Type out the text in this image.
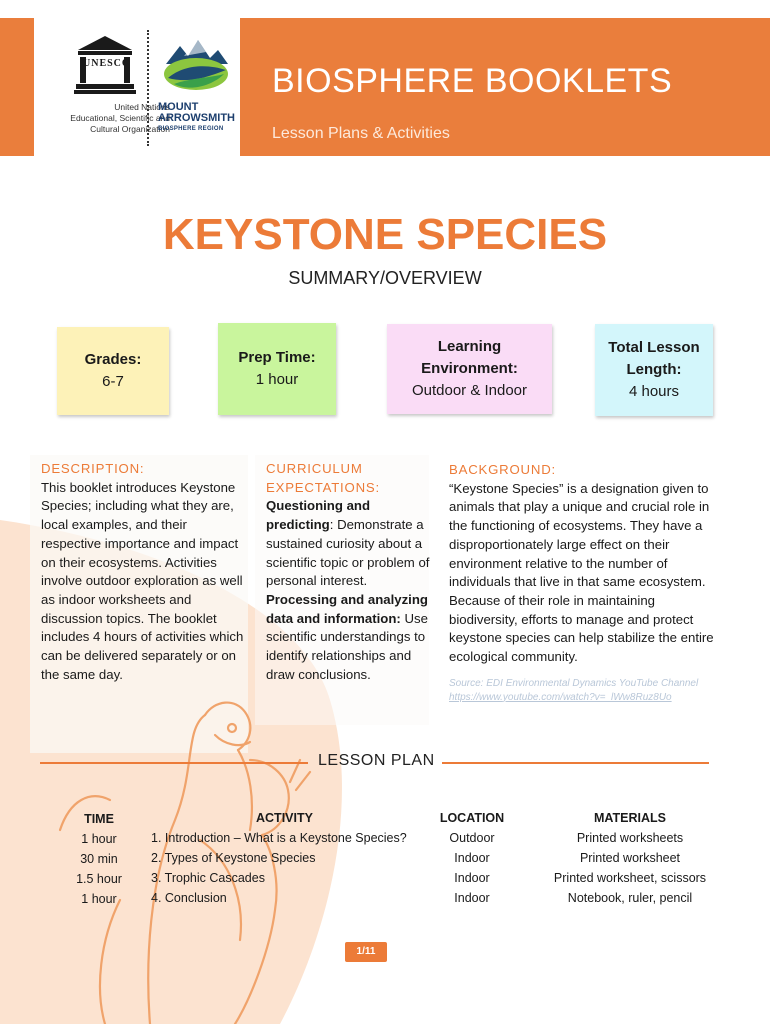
UNESCO
United Nations
Educational, Scientific and
Cultural Organization
MOUNT
ARROWSMITH
BIOSPHERE REGION
BIOSPHERE BOOKLETS
Lesson Plans & Activities
KEYSTONE SPECIES
SUMMARY/OVERVIEW
Grades:
6-7
Prep Time:
1 hour
Learning Environment:
Outdoor & Indoor
Total Lesson Length:
4 hours
DESCRIPTION:
This booklet introduces Keystone Species; including what they are, local examples, and their respective importance and impact on their ecosystems. Activities involve outdoor exploration as well as indoor worksheets and discussion topics. The booklet includes 4 hours of activities which can be delivered separately or on the same day.
CURRICULUM EXPECTATIONS:
Questioning and predicting: Demonstrate a sustained curiosity about a scientific topic or problem of personal interest.
Processing and analyzing data and information: Use scientific understandings to identify relationships and draw conclusions.
BACKGROUND:
“Keystone Species” is a designation given to animals that play a unique and crucial role in the functioning of ecosystems. They have a disproportionately large effect on their environment relative to the number of individuals that live in that same ecosystem. Because of their role in maintaining biodiversity, efforts to manage and protect keystone species can help stabilize the entire ecological community.
Source: EDI Environmental Dynamics YouTube Channel
https://www.youtube.com/watch?v=_lWw8Ruz8Uo
LESSON PLAN
TIME
1 hour
30 min
1.5 hour
1 hour
ACTIVITY
1. Introduction – What is a Keystone Species?
2. Types of Keystone Species
3. Trophic Cascades
4. Conclusion
LOCATION
Outdoor
Indoor
Indoor
Indoor
MATERIALS
Printed worksheets
Printed worksheet
Printed worksheet, scissors
Notebook, ruler, pencil
1/11
